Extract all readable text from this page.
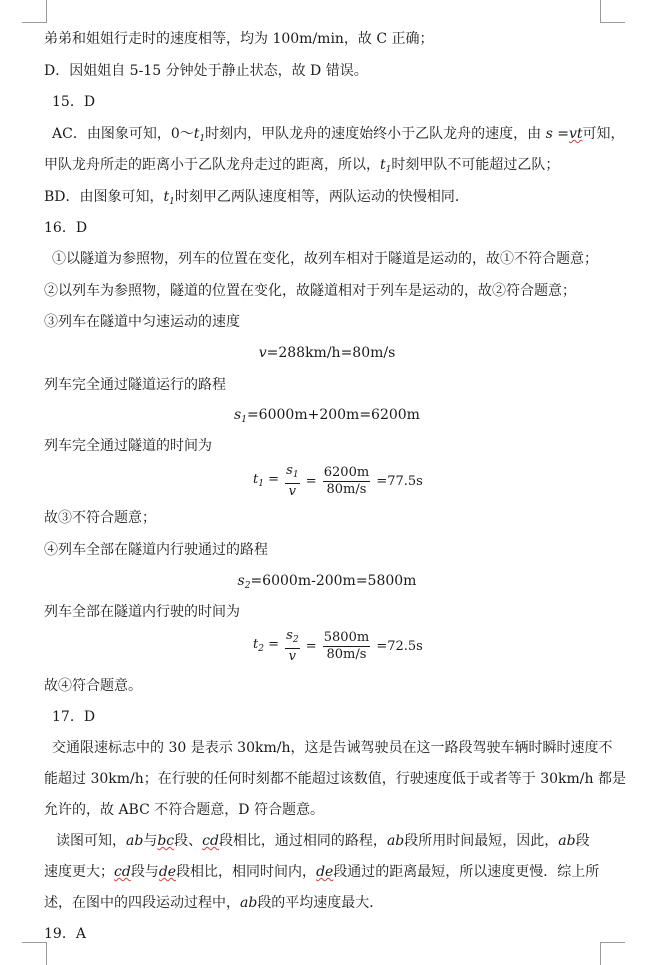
弟弟和姐姐行走时的速度相等，均为 100m/min，故 C 正确；
D．因姐姐自 5-15 分钟处于静止状态，故 D 错误。
15．D
AC．由图象可知，$0\sim t_1$时刻内，甲队龙舟的速度始终小于乙队龙舟的速度，由 s =vt可知，
甲队龙舟所走的距离小于乙队龙舟走过的距离，所以，$t_1$时刻甲队不可能超过乙队；
BD．由图象可知，$t_1$时刻甲乙两队速度相等，两队运动的快慢相同．
16．D
①以隧道为参照物，列车的位置在变化，故列车相对于隧道是运动的，故①不符合题意；
②以列车为参照物，隧道的位置在变化，故隧道相对于列车是运动的，故②符合题意；
③列车在隧道中匀速运动的速度
v=288km/h=80m/s
列车完全通过隧道运行的路程
$s_1=6000m+200m=6200m$
列车完全通过隧道的时间为
$t_1 = \frac{s_1}{v} = \frac{6200m}{80m/s} =77.5s$
故③不符合题意；
④列车全部在隧道内行驶通过的路程
$s_2=6000m-200m=5800m$
列车全部在隧道内行驶的时间为
$t_2 = \frac{s_2}{v} = \frac{5800m}{80m/s} =72.5s$
故④符合题意。
17．D
交通限速标志中的 30 是表示 30km/h，这是告诫驾驶员在这一路段驾驶车辆时瞬时速度不
能超过 30km/h；在行驶的任何时刻都不能超过该数值，行驶速度低于或者等于 30km/h 都是
允许的，故 ABC 不符合题意，D 符合题意。
读图可知，ab与bc段、cd段相比，通过相同的路程，ab段所用时间最短，因此，ab段
速度更大；cd段与de段相比，相同时间内，de段通过的距离最短，所以速度更慢．综上所
述，在图中的四段运动过程中，ab段的平均速度最大．
19．A
